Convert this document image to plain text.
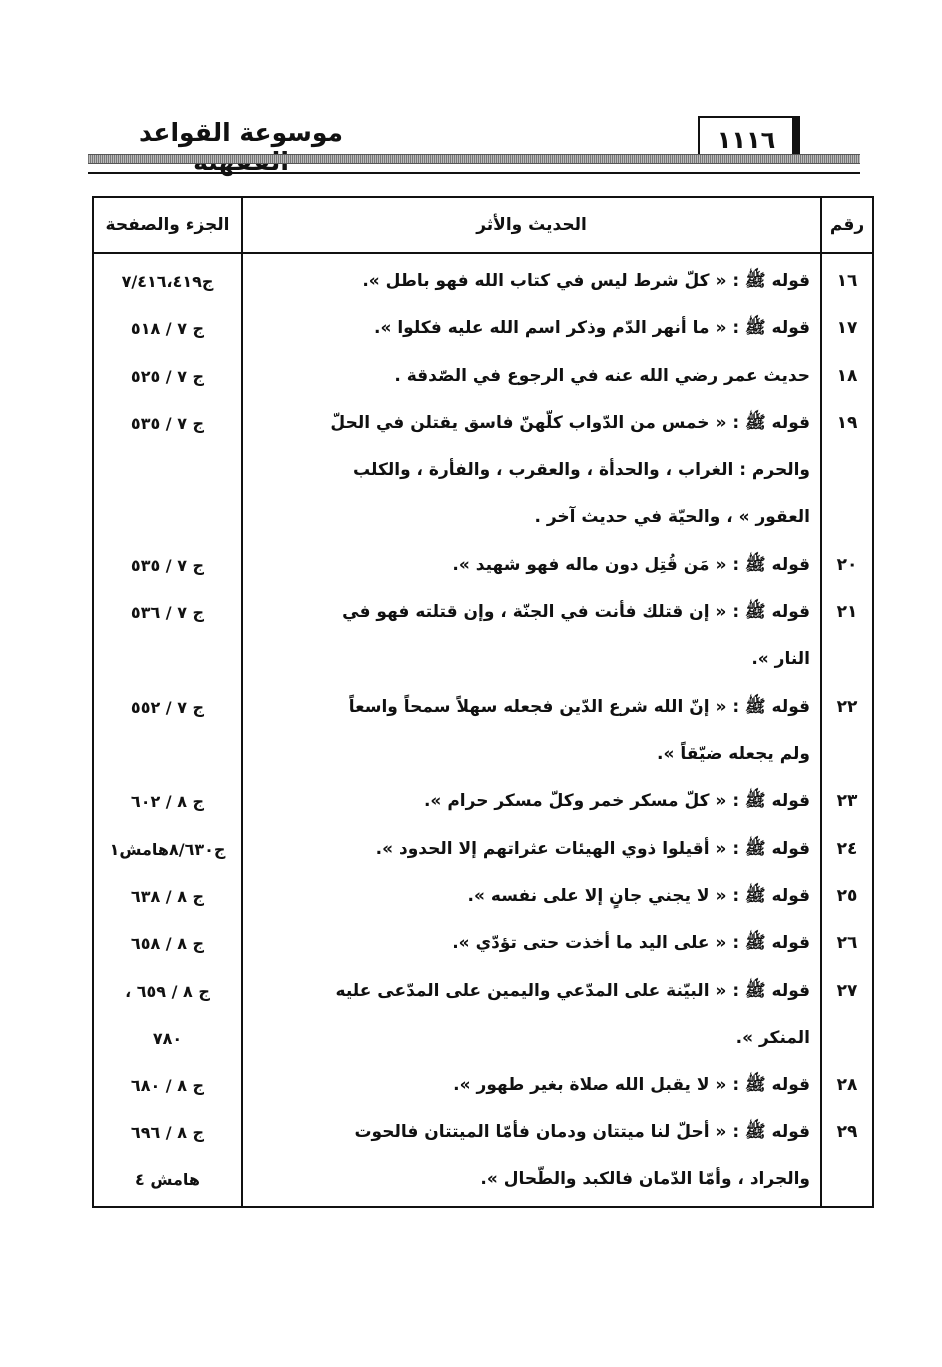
١١١٦
موسوعة القواعد
رقم
الحديث والأثر
الجزء والصفحة
١٦
قوله ﷺ : « كلّ شرط ليس في كتاب الله فهو باطل ».
ج٧/٤١٦،٤١٩
١٧
قوله ﷺ : « ما أنهر الدّم وذكر اسم الله عليه فكلوا ».
ج ٧ / ٥١٨
١٨
حديث عمر رضي الله عنه في الرجوع في الصّدقة .
ج ٧ / ٥٢٥
١٩
قوله ﷺ : « خمس من الدّواب كلّهنّ فاسق يقتلن في الحلّ
والحرم : الغراب ، والحدأة ، والعقرب ، والفأرة ، والكلب
العقور » ، والحيّة في حديث آخر .
ج ٧ / ٥٣٥
٢٠
قوله ﷺ : « مَن قُتِل دون ماله فهو شهيد ».
ج ٧ / ٥٣٥
٢١
قوله ﷺ : « إن قتلك فأنت في الجنّة ، وإن قتلته فهو في
النار ».
ج ٧ / ٥٣٦
٢٢
قوله ﷺ : « إنّ الله شرع الدّين فجعله سهلاً سمحاً واسعاً
ولم يجعله ضيّقاً ».
ج ٧ / ٥٥٢
٢٣
قوله ﷺ : « كلّ مسكر خمر وكلّ مسكر حرام ».
ج ٨ / ٦٠٢
٢٤
قوله ﷺ : « أقيلوا ذوي الهيئات عثراتهم إلا الحدود ».
ج٨/٦٣٠هامش١
٢٥
قوله ﷺ : « لا يجني جانٍ إلا على نفسه ».
ج ٨ / ٦٣٨
٢٦
قوله ﷺ : « على اليد ما أخذت حتى تؤدّي ».
ج ٨ / ٦٥٨
٢٧
قوله ﷺ : « البيّنة على المدّعي واليمين على المدّعى عليه
المنكر ».
ج ٨ / ٦٥٩ ،
٧٨٠
٢٨
قوله ﷺ : « لا يقبل الله صلاة بغير طهور ».
ج ٨ / ٦٨٠
٢٩
قوله ﷺ : « أحلّ لنا ميتتان ودمان فأمّا الميتتان فالحوت
والجراد ، وأمّا الدّمان فالكبد والطّحال ».
ج ٨ / ٦٩٦
هامش ٤
